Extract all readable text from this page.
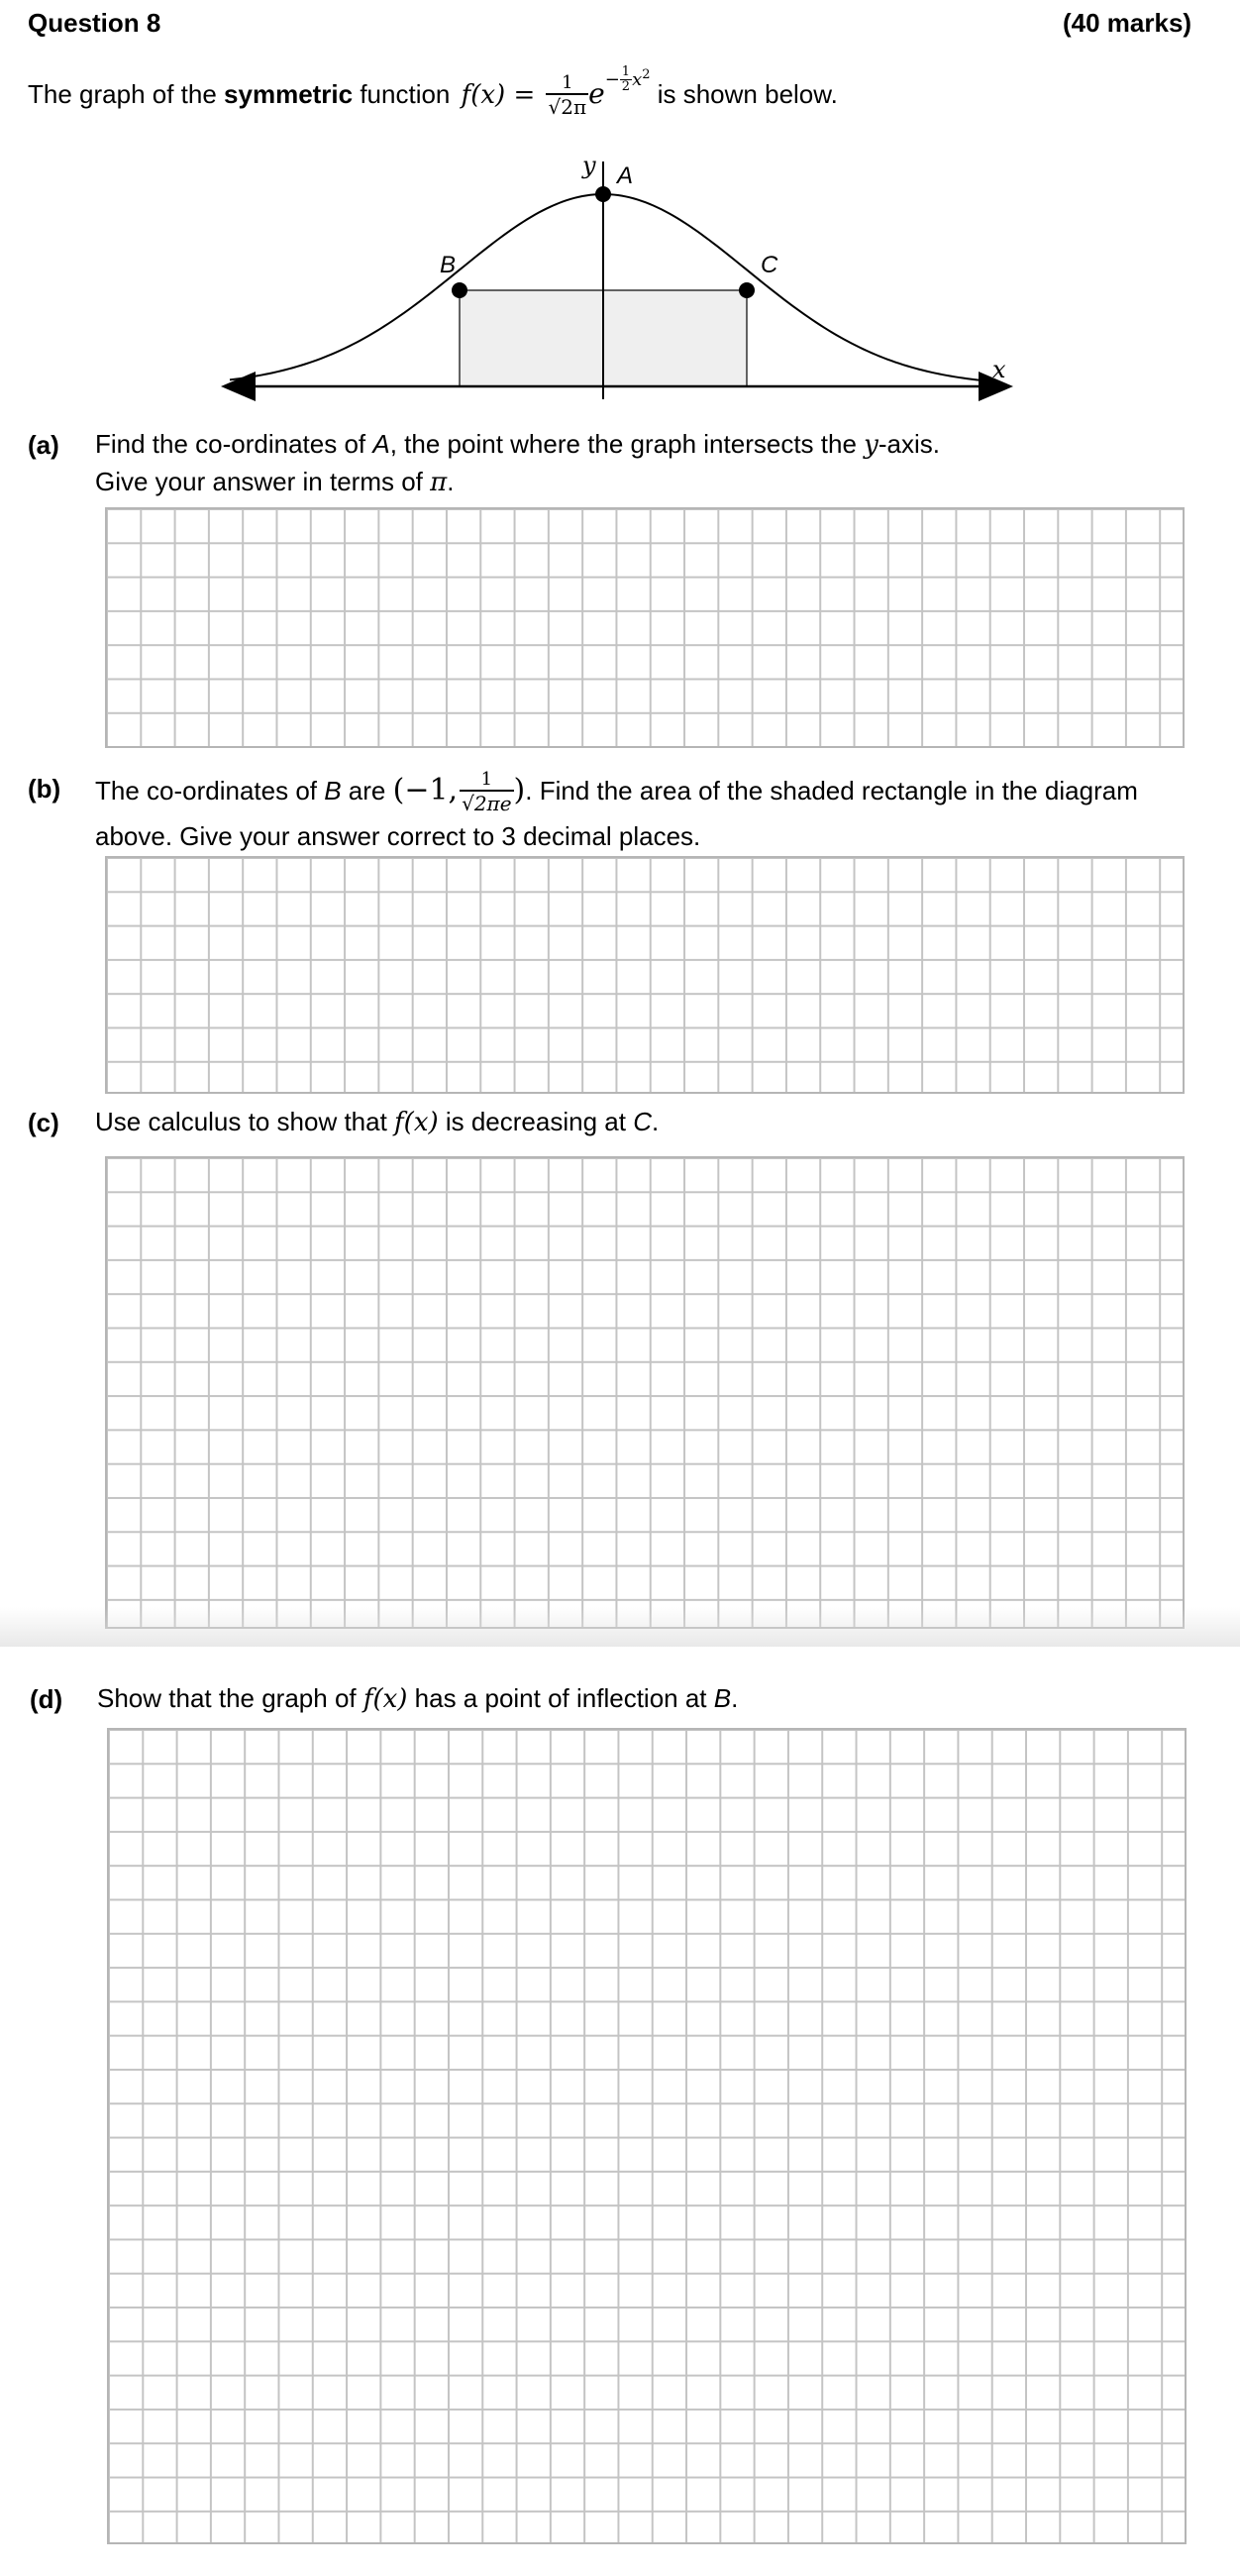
Question 8	(40 marks)
The graph of the symmetric function $f(x) = \frac{1}{√2\pi} e^{- \frac{1}{2} x^2}$ is shown below.
y A
B	C
x
(a) Find the co-ordinates of A, the point where the graph intersects the y-axis.
Give your answer in terms of π.
(b) The co-ordinates of B are (−1, $\frac{1}{√2\pi e}$ ). Find the area of the shaded rectangle in the diagram
above. Give your answer correct to 3 decimal places.
(c) Use calculus to show that f(x) is decreasing at C.
(d) Show that the graph of f(x) has a point of inflection at B.
